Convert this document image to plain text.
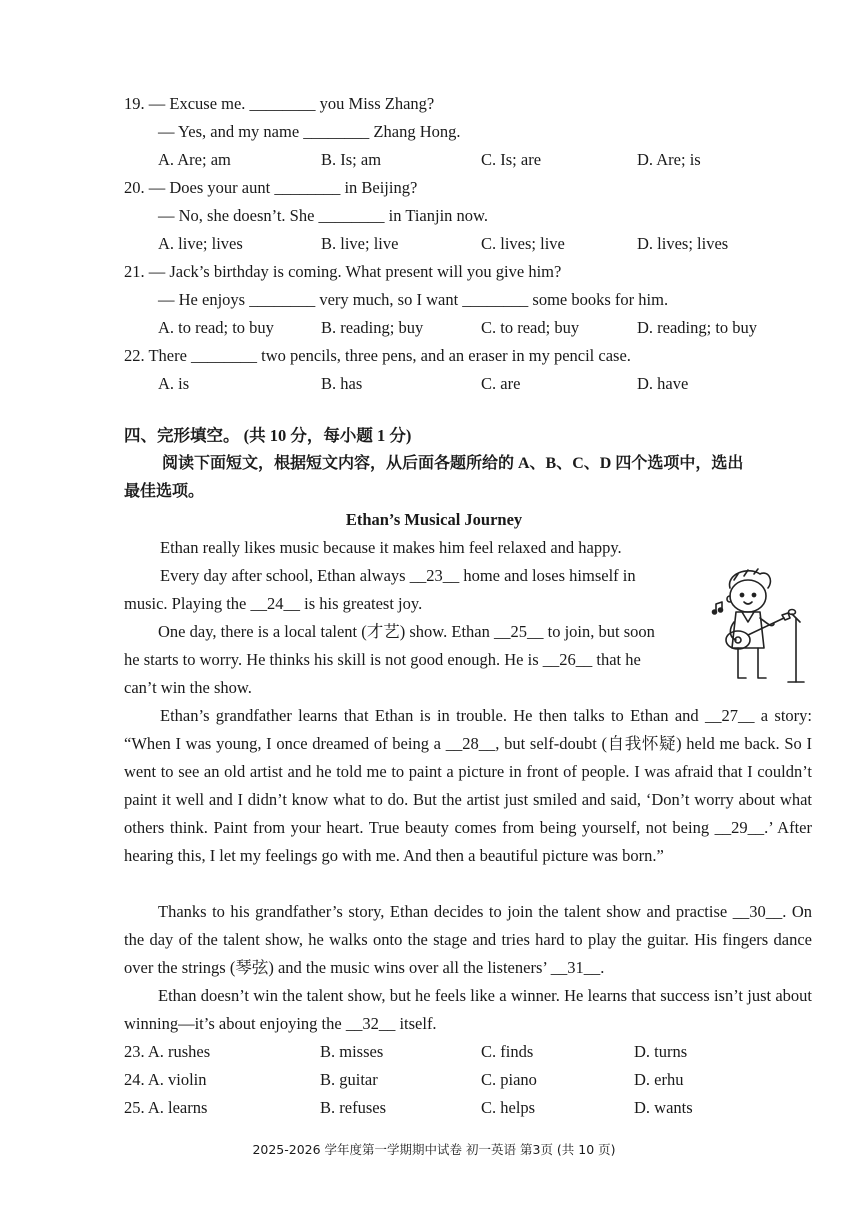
19. — Excuse me. ________ you Miss Zhang?
— Yes, and my name ________ Zhang Hong.
A. Are; am	B. Is; am	C. Is; are	D. Are; is
20. — Does your aunt ________ in Beijing?
— No, she doesn’t. She ________ in Tianjin now.
A. live; lives	B. live; live	C. lives; live	D. lives; lives
21. — Jack’s birthday is coming. What present will you give him?
— He enjoys ________ very much, so I want ________ some books for him.
A. to read; to buy	B. reading; buy	C. to read; buy	D. reading; to buy
22. There ________ two pencils, three pens, and an eraser in my pencil case.
A. is	B. has	C. are	D. have
四、完形填空。 (共 10 分，每小题 1 分)
阅读下面短文，根据短文内容，从后面各题所给的 A、B、C、D 四个选项中，选出
最佳选项。
Ethan’s Musical Journey
Ethan really likes music because it makes him feel relaxed and happy.
Every day after school, Ethan always __23__ home and loses himself in
music. Playing the __24__ is his greatest joy.
One day, there is a local talent (才艺) show. Ethan __25__ to join, but soon
he starts to worry. He thinks his skill is not good enough. He is __26__ that he
can’t win the show.
Ethan’s grandfather learns that Ethan is in trouble. He then talks to Ethan and __27__ a story: “When I was young, I once dreamed of being a __28__, but self-doubt (自我怀疑) held me back. So I went to see an old artist and he told me to paint a picture in front of people. I was afraid that I couldn’t paint it well and I didn’t know what to do. But the artist just smiled and said, ‘Don’t worry about what others think. Paint from your heart. True beauty comes from being yourself, not being __29__.’ After hearing this, I let my feelings go with me. And then a beautiful picture was born.”
Thanks to his grandfather’s story, Ethan decides to join the talent show and practise __30__. On the day of the talent show, he walks onto the stage and tries hard to play the guitar. His fingers dance over the strings (琴弦) and the music wins over all the listeners’ __31__.
Ethan doesn’t win the talent show, but he feels like a winner. He learns that success isn’t just about winning—it’s about enjoying the __32__ itself.
23. A. rushes	B. misses	C. finds	D. turns
24. A. violin	B. guitar	C. piano	D. erhu
25. A. learns	B. refuses	C. helps	D. wants
2025-2026 学年度第一学期期中试卷 初一英语 第3页 (共 10 页)
